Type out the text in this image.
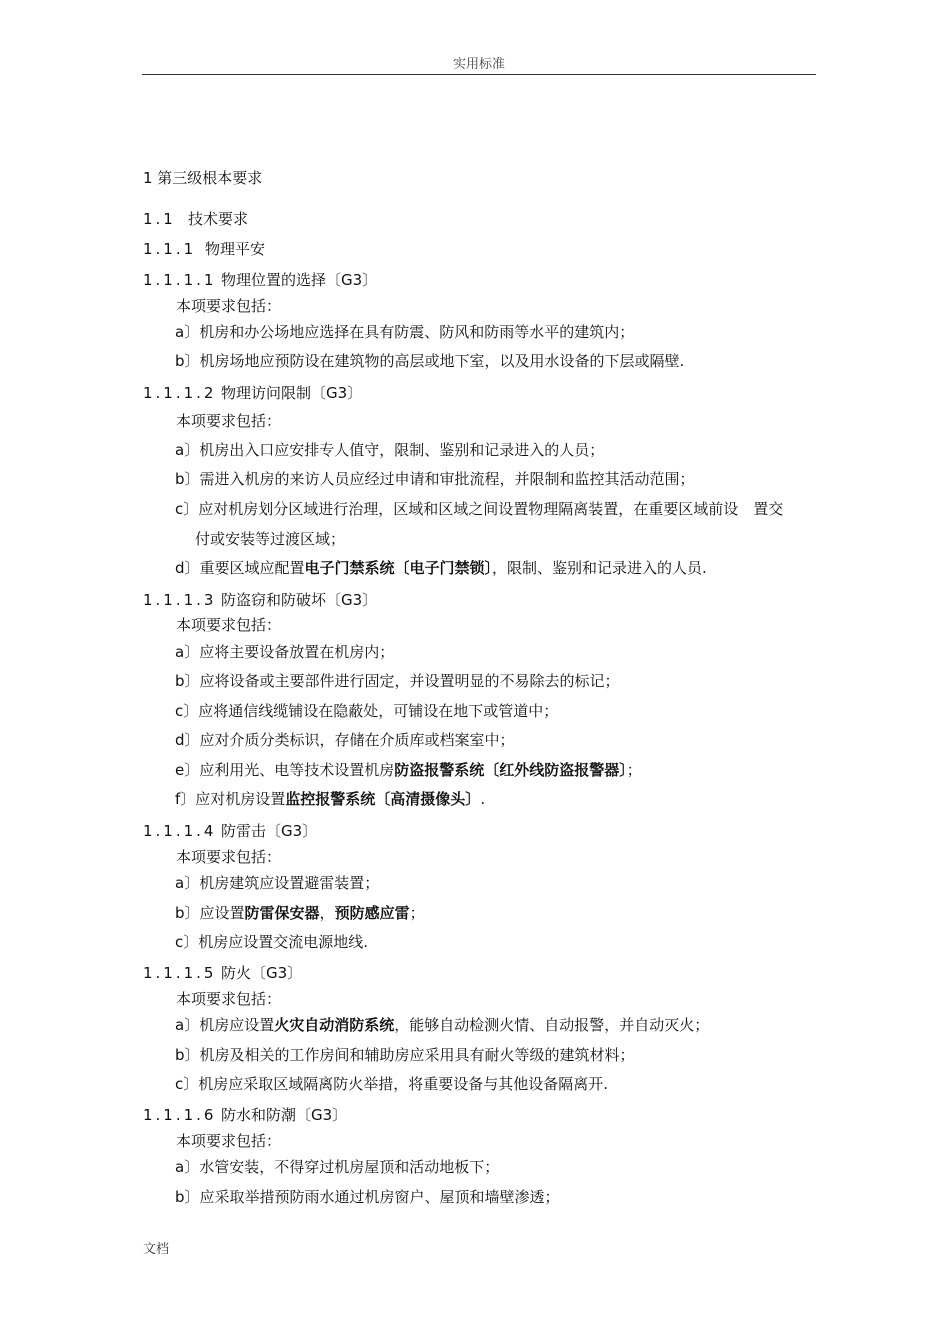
实用标准
1 第三级根本要求
1.1 技术要求
1.1.1 物理平安
1.1.1.1 物理位置的选择〔G3〕
本项要求包括：
a〕机房和办公场地应选择在具有防震、防风和防雨等水平的建筑内；
b〕机房场地应预防设在建筑物的高层或地下室，以及用水设备的下层或隔壁.
1.1.1.2 物理访问限制〔G3〕
本项要求包括：
a〕机房出入口应安排专人值守，限制、鉴别和记录进入的人员；
b〕需进入机房的来访人员应经过申请和审批流程，并限制和监控其活动范围；
c〕应对机房划分区域进行治理，区域和区域之间设置物理隔离装置，在重要区域前设　置交
付或安装等过渡区域；
d〕重要区域应配置电子门禁系统〔电子门禁锁〕，限制、鉴别和记录进入的人员.
1.1.1.3 防盗窃和防破坏〔G3〕
本项要求包括：
a〕应将主要设备放置在机房内；
b〕应将设备或主要部件进行固定，并设置明显的不易除去的标记；
c〕应将通信线缆铺设在隐蔽处，可铺设在地下或管道中；
d〕应对介质分类标识，存储在介质库或档案室中；
e〕应利用光、电等技术设置机房防盗报警系统〔红外线防盗报警器〕；
f〕应对机房设置监控报警系统〔高清摄像头〕.
1.1.1.4 防雷击〔G3〕
本项要求包括：
a〕机房建筑应设置避雷装置；
b〕应设置防雷保安器，预防感应雷；
c〕机房应设置交流电源地线.
1.1.1.5 防火〔G3〕
本项要求包括：
a〕机房应设置火灾自动消防系统，能够自动检测火情、自动报警，并自动灭火；
b〕机房及相关的工作房间和辅助房应采用具有耐火等级的建筑材料；
c〕机房应采取区域隔离防火举措，将重要设备与其他设备隔离开.
1.1.1.6 防水和防潮〔G3〕
本项要求包括：
a〕水管安装，不得穿过机房屋顶和活动地板下；
b〕应采取举措预防雨水通过机房窗户、屋顶和墙壁渗透；
文档
